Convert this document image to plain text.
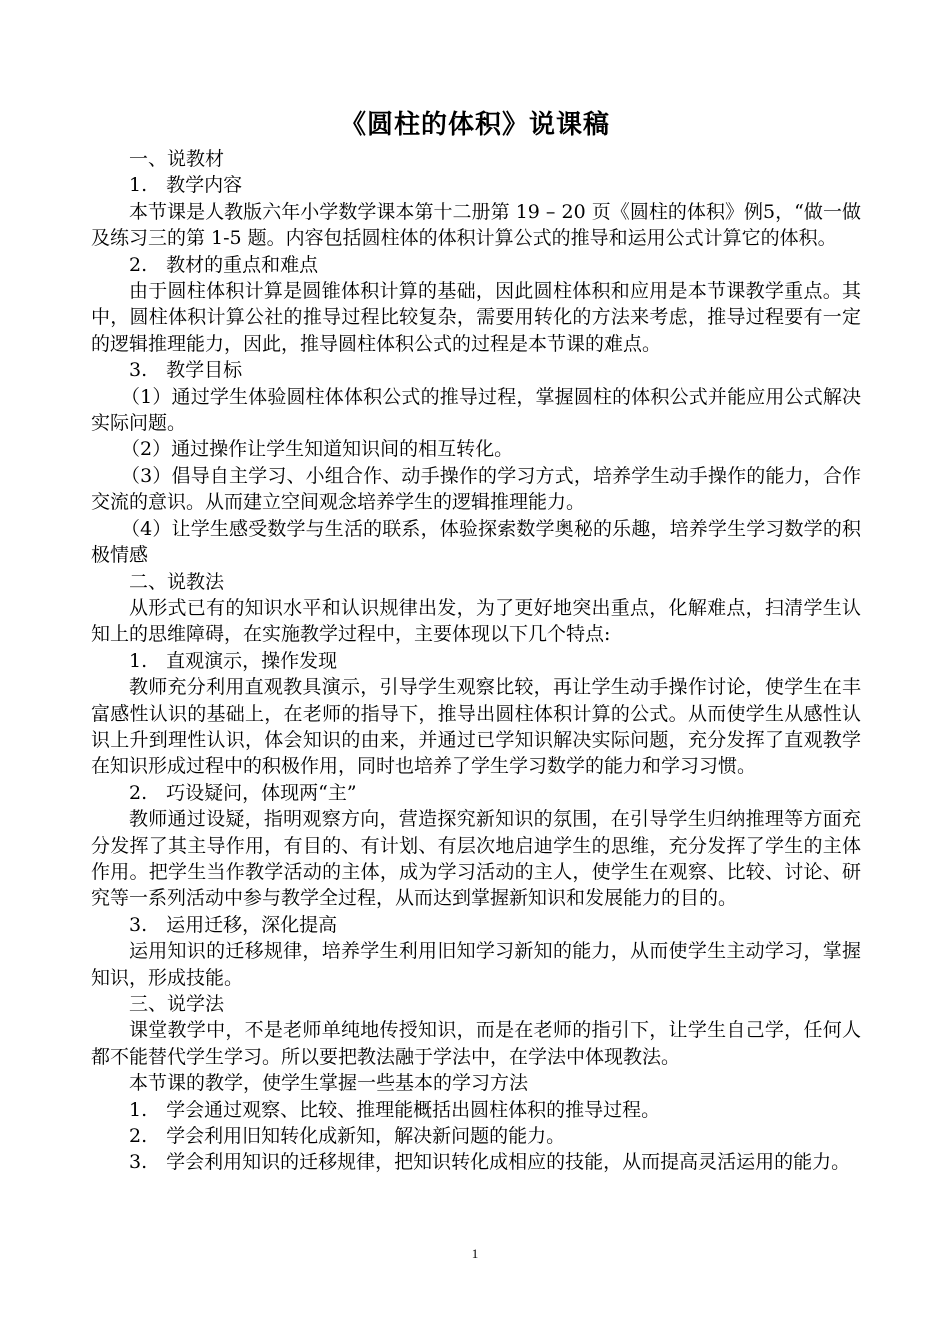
《圆柱的体积》说课稿

一、说教材

1.　教学内容

本节课是人教版六年小学数学课本第十二册第 19 – 20 页《圆柱的体积》例5，“做一做及练习三的第 1-5 题。内容包括圆柱体的体积计算公式的推导和运用公式计算它的体积。

2.　教材的重点和难点

由于圆柱体积计算是圆锥体积计算的基础，因此圆柱体积和应用是本节课教学重点。其中，圆柱体积计算公社的推导过程比较复杂，需要用转化的方法来考虑，推导过程要有一定的逻辑推理能力，因此，推导圆柱体积公式的过程是本节课的难点。

3.　教学目标

（1）通过学生体验圆柱体体积公式的推导过程，掌握圆柱的体积公式并能应用公式解决实际问题。

（2）通过操作让学生知道知识间的相互转化。

（3）倡导自主学习、小组合作、动手操作的学习方式，培养学生动手操作的能力，合作交流的意识。从而建立空间观念培养学生的逻辑推理能力。

（4）让学生感受数学与生活的联系，体验探索数学奥秘的乐趣，培养学生学习数学的积极情感

二、说教法

从形式已有的知识水平和认识规律出发，为了更好地突出重点，化解难点，扫清学生认知上的思维障碍，在实施教学过程中，主要体现以下几个特点:

1.　直观演示，操作发现

教师充分利用直观教具演示，引导学生观察比较，再让学生动手操作讨论，使学生在丰富感性认识的基础上，在老师的指导下，推导出圆柱体积计算的公式。从而使学生从感性认识上升到理性认识，体会知识的由来，并通过已学知识解决实际问题，充分发挥了直观教学在知识形成过程中的积极作用，同时也培养了学生学习数学的能力和学习习惯。

2.　巧设疑问，体现两“主”

教师通过设疑，指明观察方向，营造探究新知识的氛围，在引导学生归纳推理等方面充分发挥了其主导作用，有目的、有计划、有层次地启迪学生的思维，充分发挥了学生的主体作用。把学生当作教学活动的主体，成为学习活动的主人，使学生在观察、比较、讨论、研究等一系列活动中参与教学全过程，从而达到掌握新知识和发展能力的目的。

3.　运用迁移，深化提高

运用知识的迁移规律，培养学生利用旧知学习新知的能力，从而使学生主动学习，掌握知识，形成技能。

三、说学法

课堂教学中，不是老师单纯地传授知识，而是在老师的指引下，让学生自己学，任何人都不能替代学生学习。所以要把教法融于学法中，在学法中体现教法。

本节课的教学，使学生掌握一些基本的学习方法

1.　学会通过观察、比较、推理能概括出圆柱体积的推导过程。

2.　学会利用旧知转化成新知，解决新问题的能力。

3.　学会利用知识的迁移规律，把知识转化成相应的技能，从而提高灵活运用的能力。

1
